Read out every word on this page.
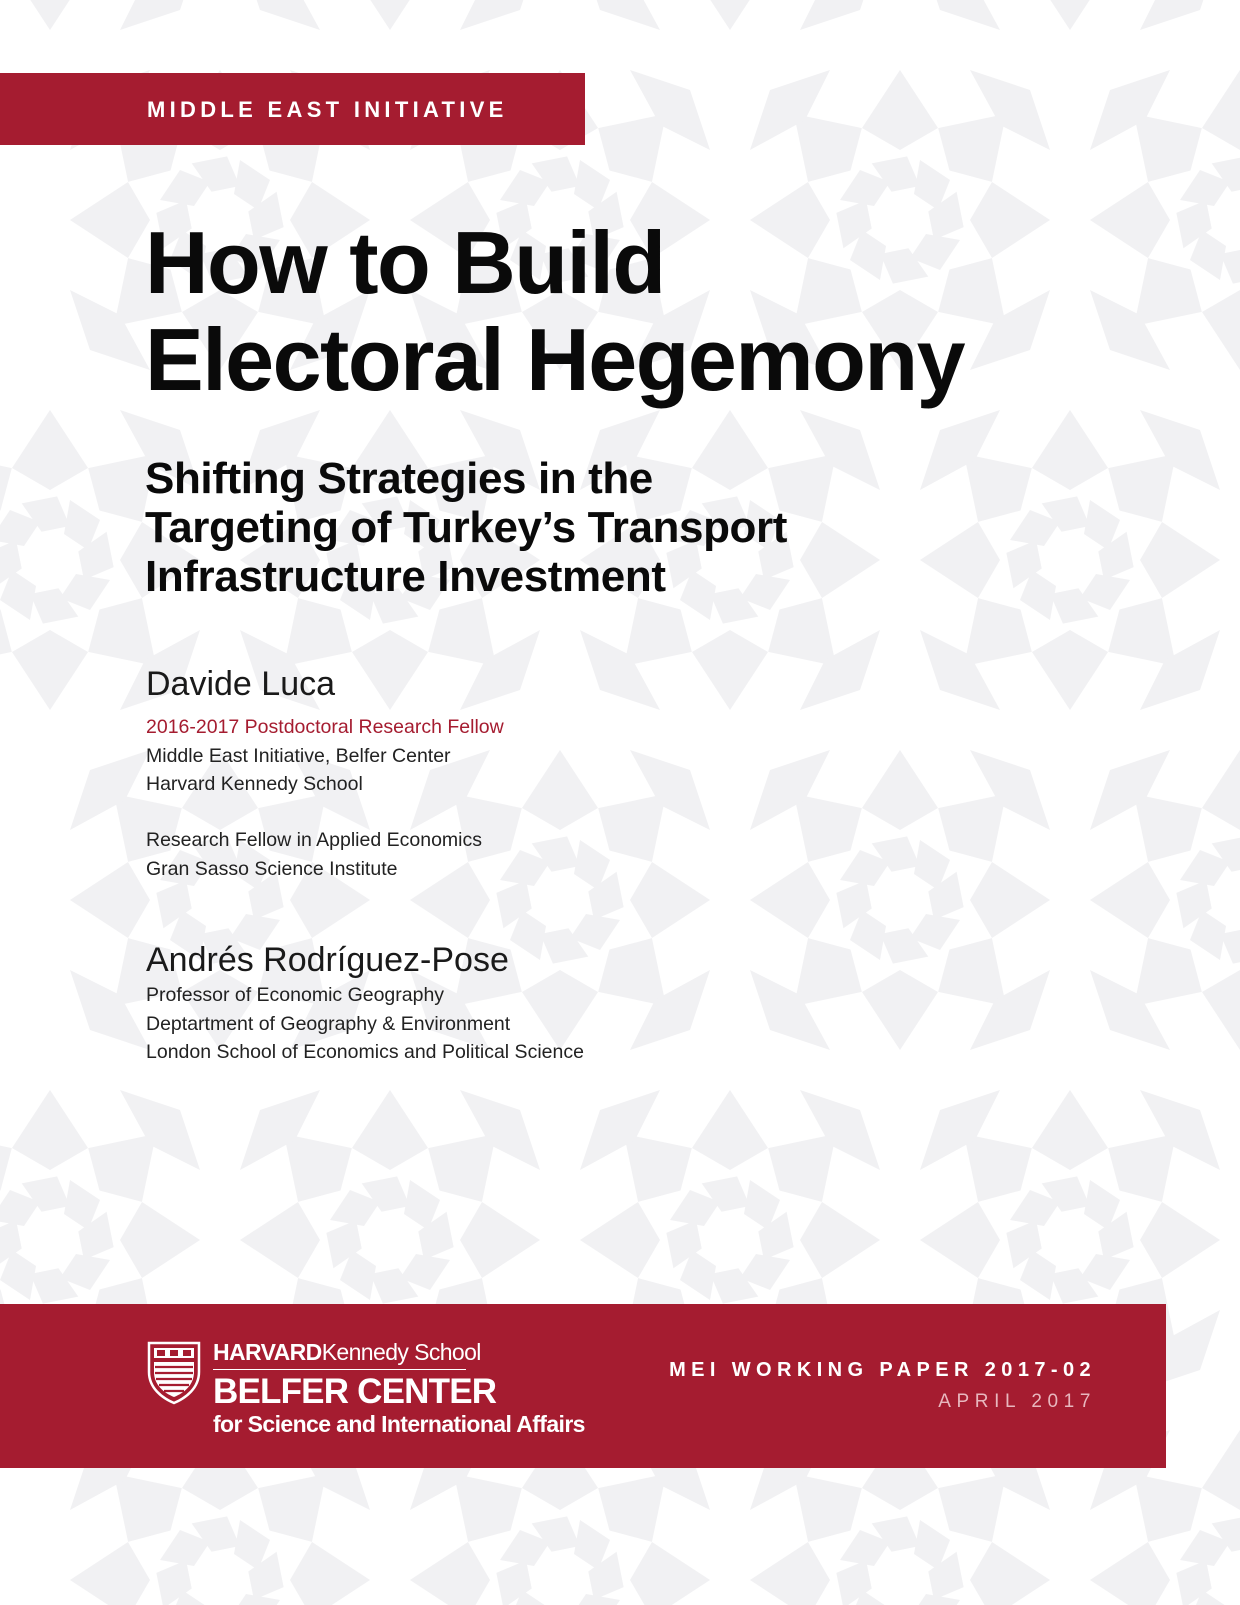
MIDDLE EAST INITIATIVE
How to Build
Electoral Hegemony
Shifting Strategies in the
Targeting of Turkey’s Transport
Infrastructure Investment
Davide Luca
2016-2017 Postdoctoral Research Fellow
Middle East Initiative, Belfer Center
Harvard Kennedy School
Research Fellow in Applied Economics
Gran Sasso Science Institute
Andrés Rodríguez-Pose
Professor of Economic Geography
Deptartment of Geography & Environment
London School of Economics and Political Science
HARVARDKennedy School
BELFER CENTER
for Science and International Affairs
MEI WORKING PAPER 2017-02
APRIL 2017
